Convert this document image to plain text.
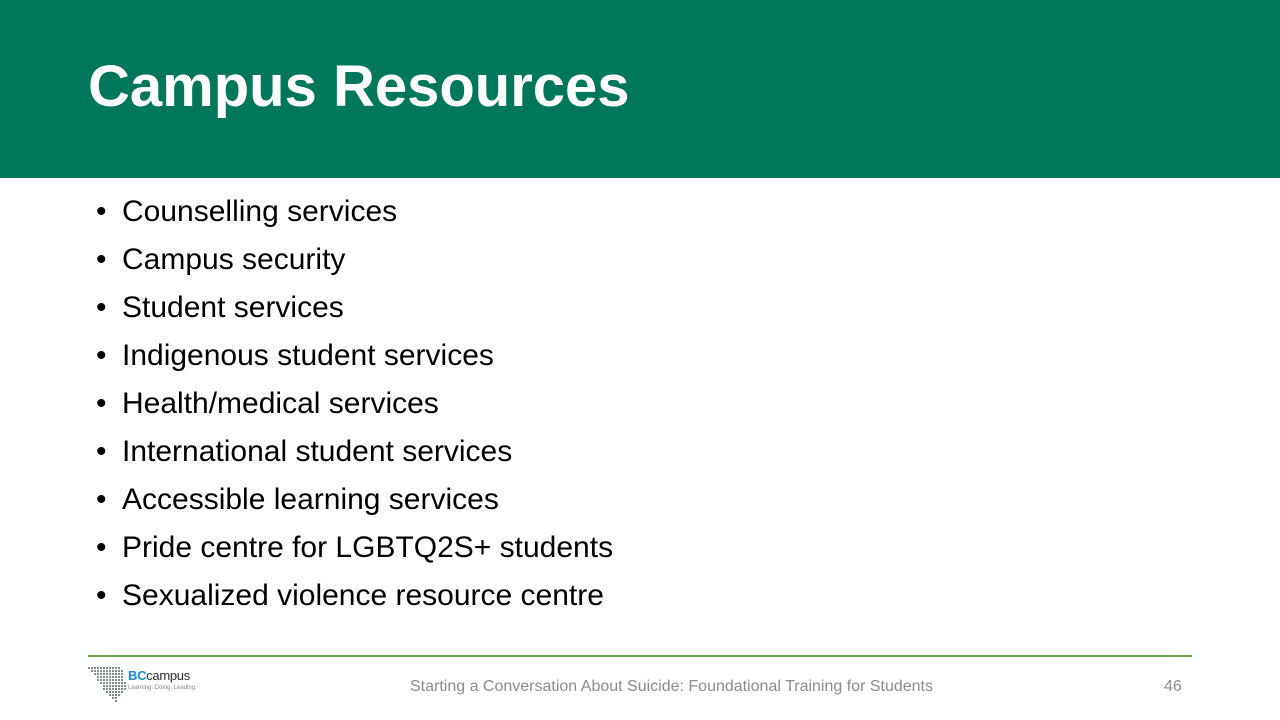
Campus Resources
• Counselling services
• Campus security
• Student services
• Indigenous student services
• Health/medical services
• International student services
• Accessible learning services
• Pride centre for LGBTQ2S+ students
• Sexualized violence resource centre
BCcampus
Learning. Doing. Leading.	Starting a Conversation About Suicide: Foundational Training for Students	46
